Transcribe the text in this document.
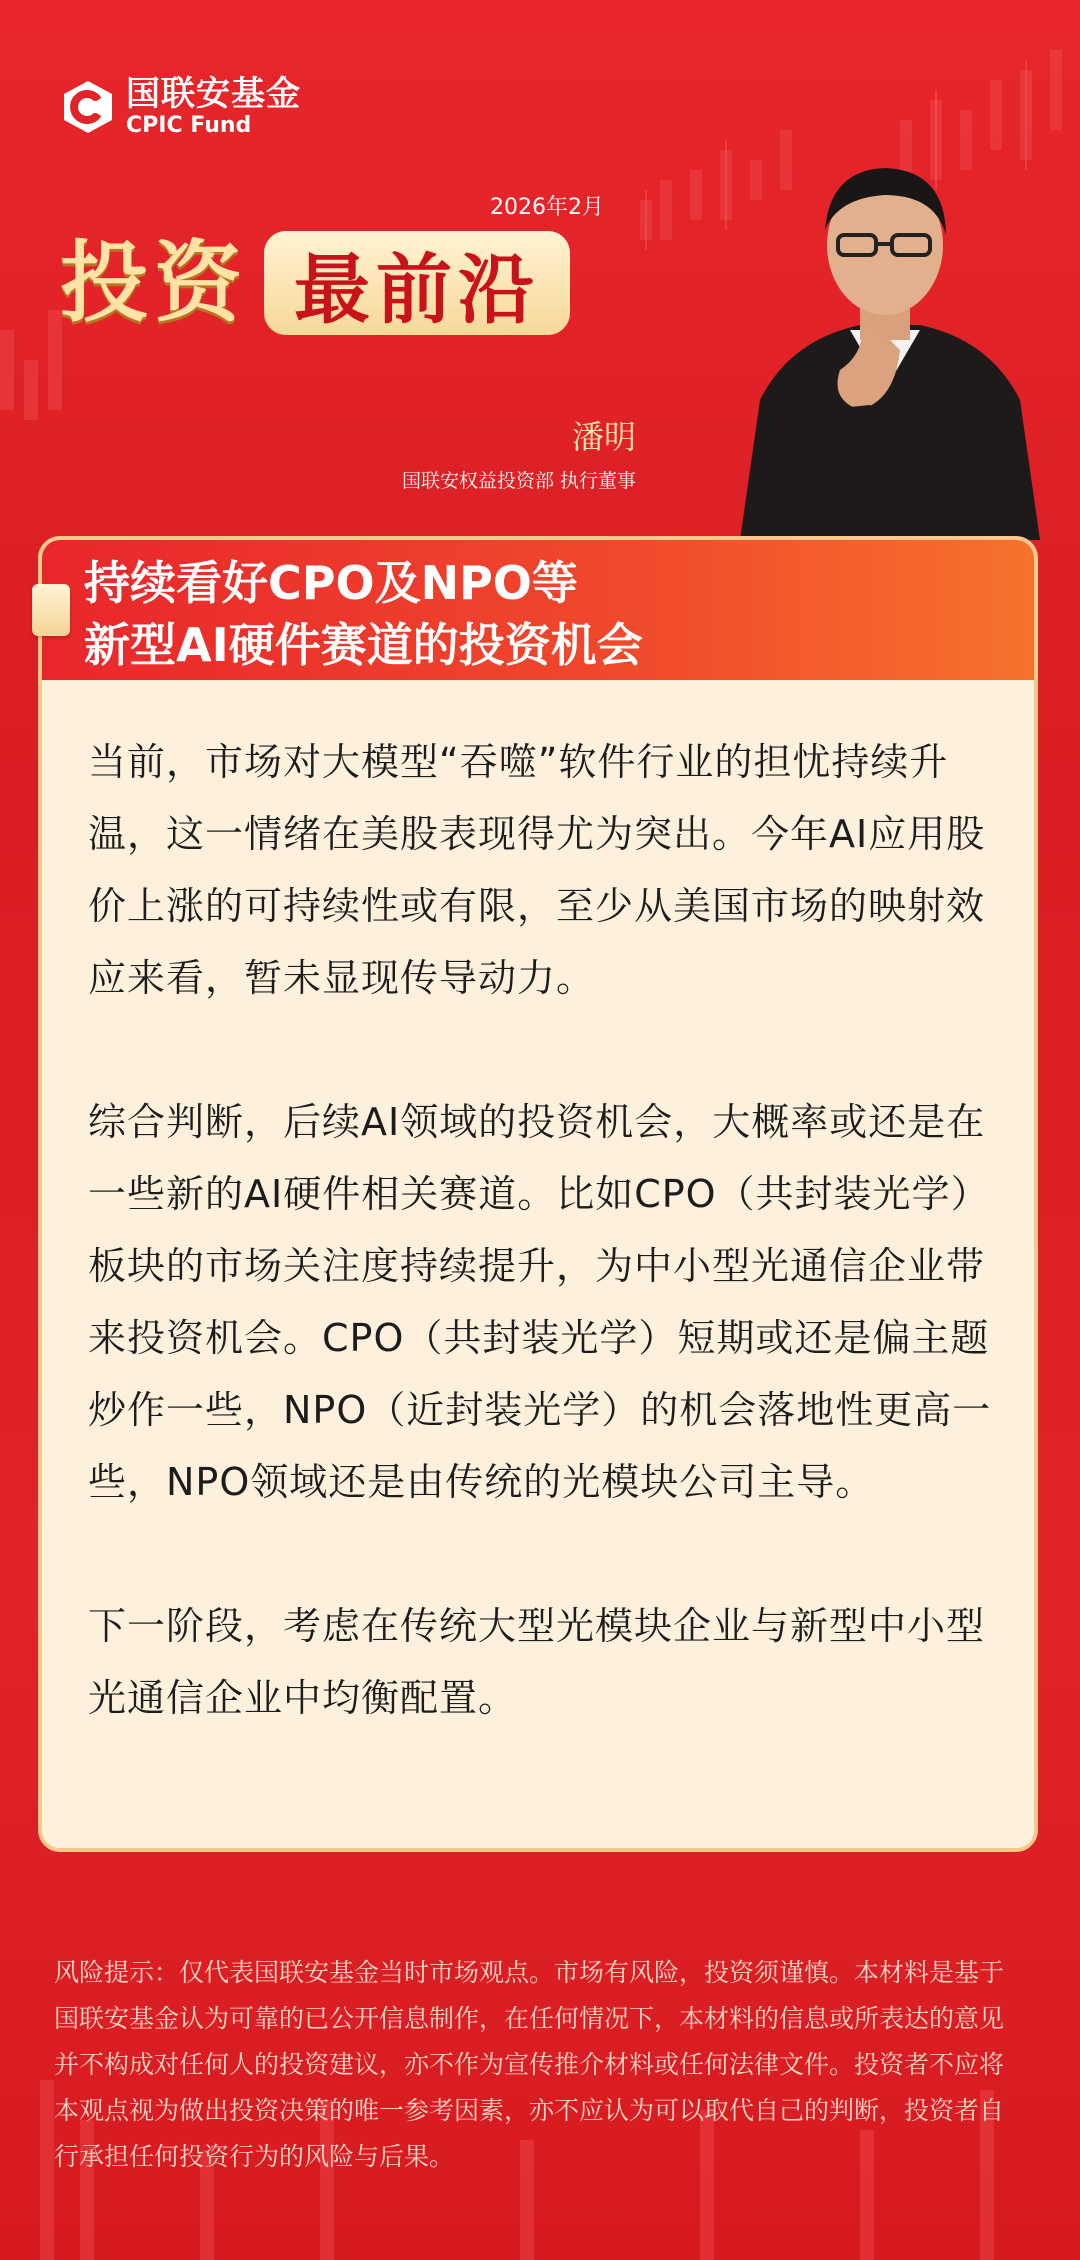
国联安基金
CPIC Fund
2026年2月
投资 最前沿
潘明
国联安权益投资部 执行董事
持续看好CPO及NPO等
新型AI硬件赛道的投资机会

当前，市场对大模型“吞噬”软件行业的担忧持续升温，这一情绪在美股表现得尤为突出。今年AI应用股价上涨的可持续性或有限，至少从美国市场的映射效应来看，暂未显现传导动力。

综合判断，后续AI领域的投资机会，大概率或还是在一些新的AI硬件相关赛道。比如CPO（共封装光学）板块的市场关注度持续提升，为中小型光通信企业带来投资机会。CPO（共封装光学）短期或还是偏主题炒作一些，NPO（近封装光学）的机会落地性更高一些，NPO领域还是由传统的光模块公司主导。

下一阶段，考虑在传统大型光模块企业与新型中小型光通信企业中均衡配置。

风险提示：仅代表国联安基金当时市场观点。市场有风险，投资须谨慎。本材料是基于国联安基金认为可靠的已公开信息制作，在任何情况下，本材料的信息或所表达的意见并不构成对任何人的投资建议，亦不作为宣传推介材料或任何法律文件。投资者不应将本观点视为做出投资决策的唯一参考因素，亦不应认为可以取代自己的判断，投资者自行承担任何投资行为的风险与后果。
